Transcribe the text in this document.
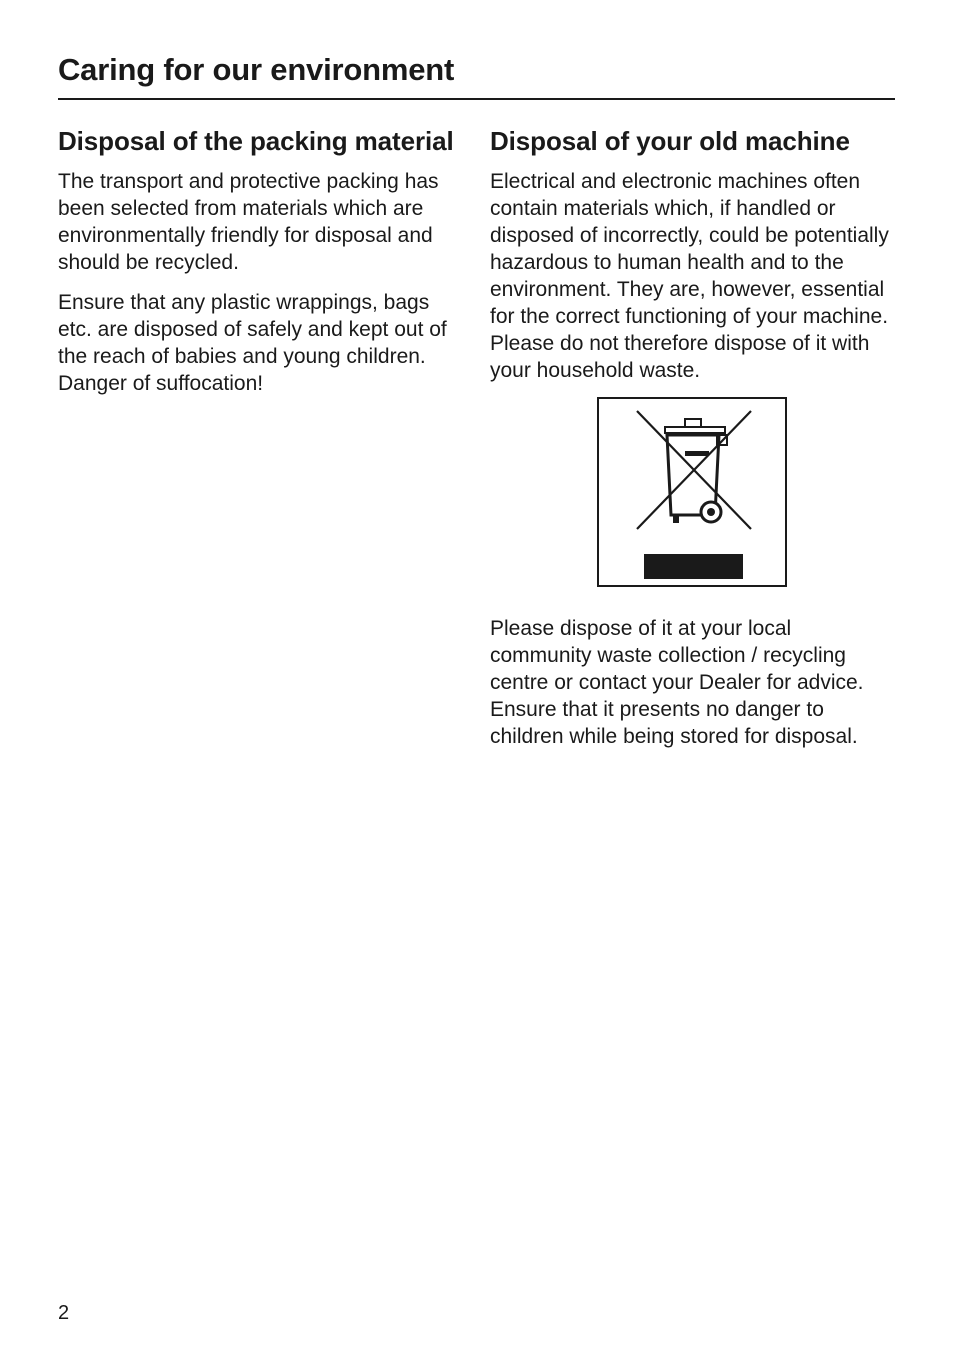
Caring for our environment
Disposal of the packing material

The transport and protective packing has been selected from materials which are environmentally friendly for disposal and should be recycled.

Ensure that any plastic wrappings, bags etc. are disposed of safely and kept out of the reach of babies and young children. Danger of suffocation!

Disposal of your old machine

Electrical and electronic machines often contain materials which, if handled or disposed of incorrectly, could be potentially hazardous to human health and to the environment. They are, however, essential for the correct functioning of your machine. Please do not therefore dispose of it with your household waste.

Please dispose of it at your local community waste collection / recycling centre or contact your Dealer for advice. Ensure that it presents no danger to children while being stored for disposal.

2
